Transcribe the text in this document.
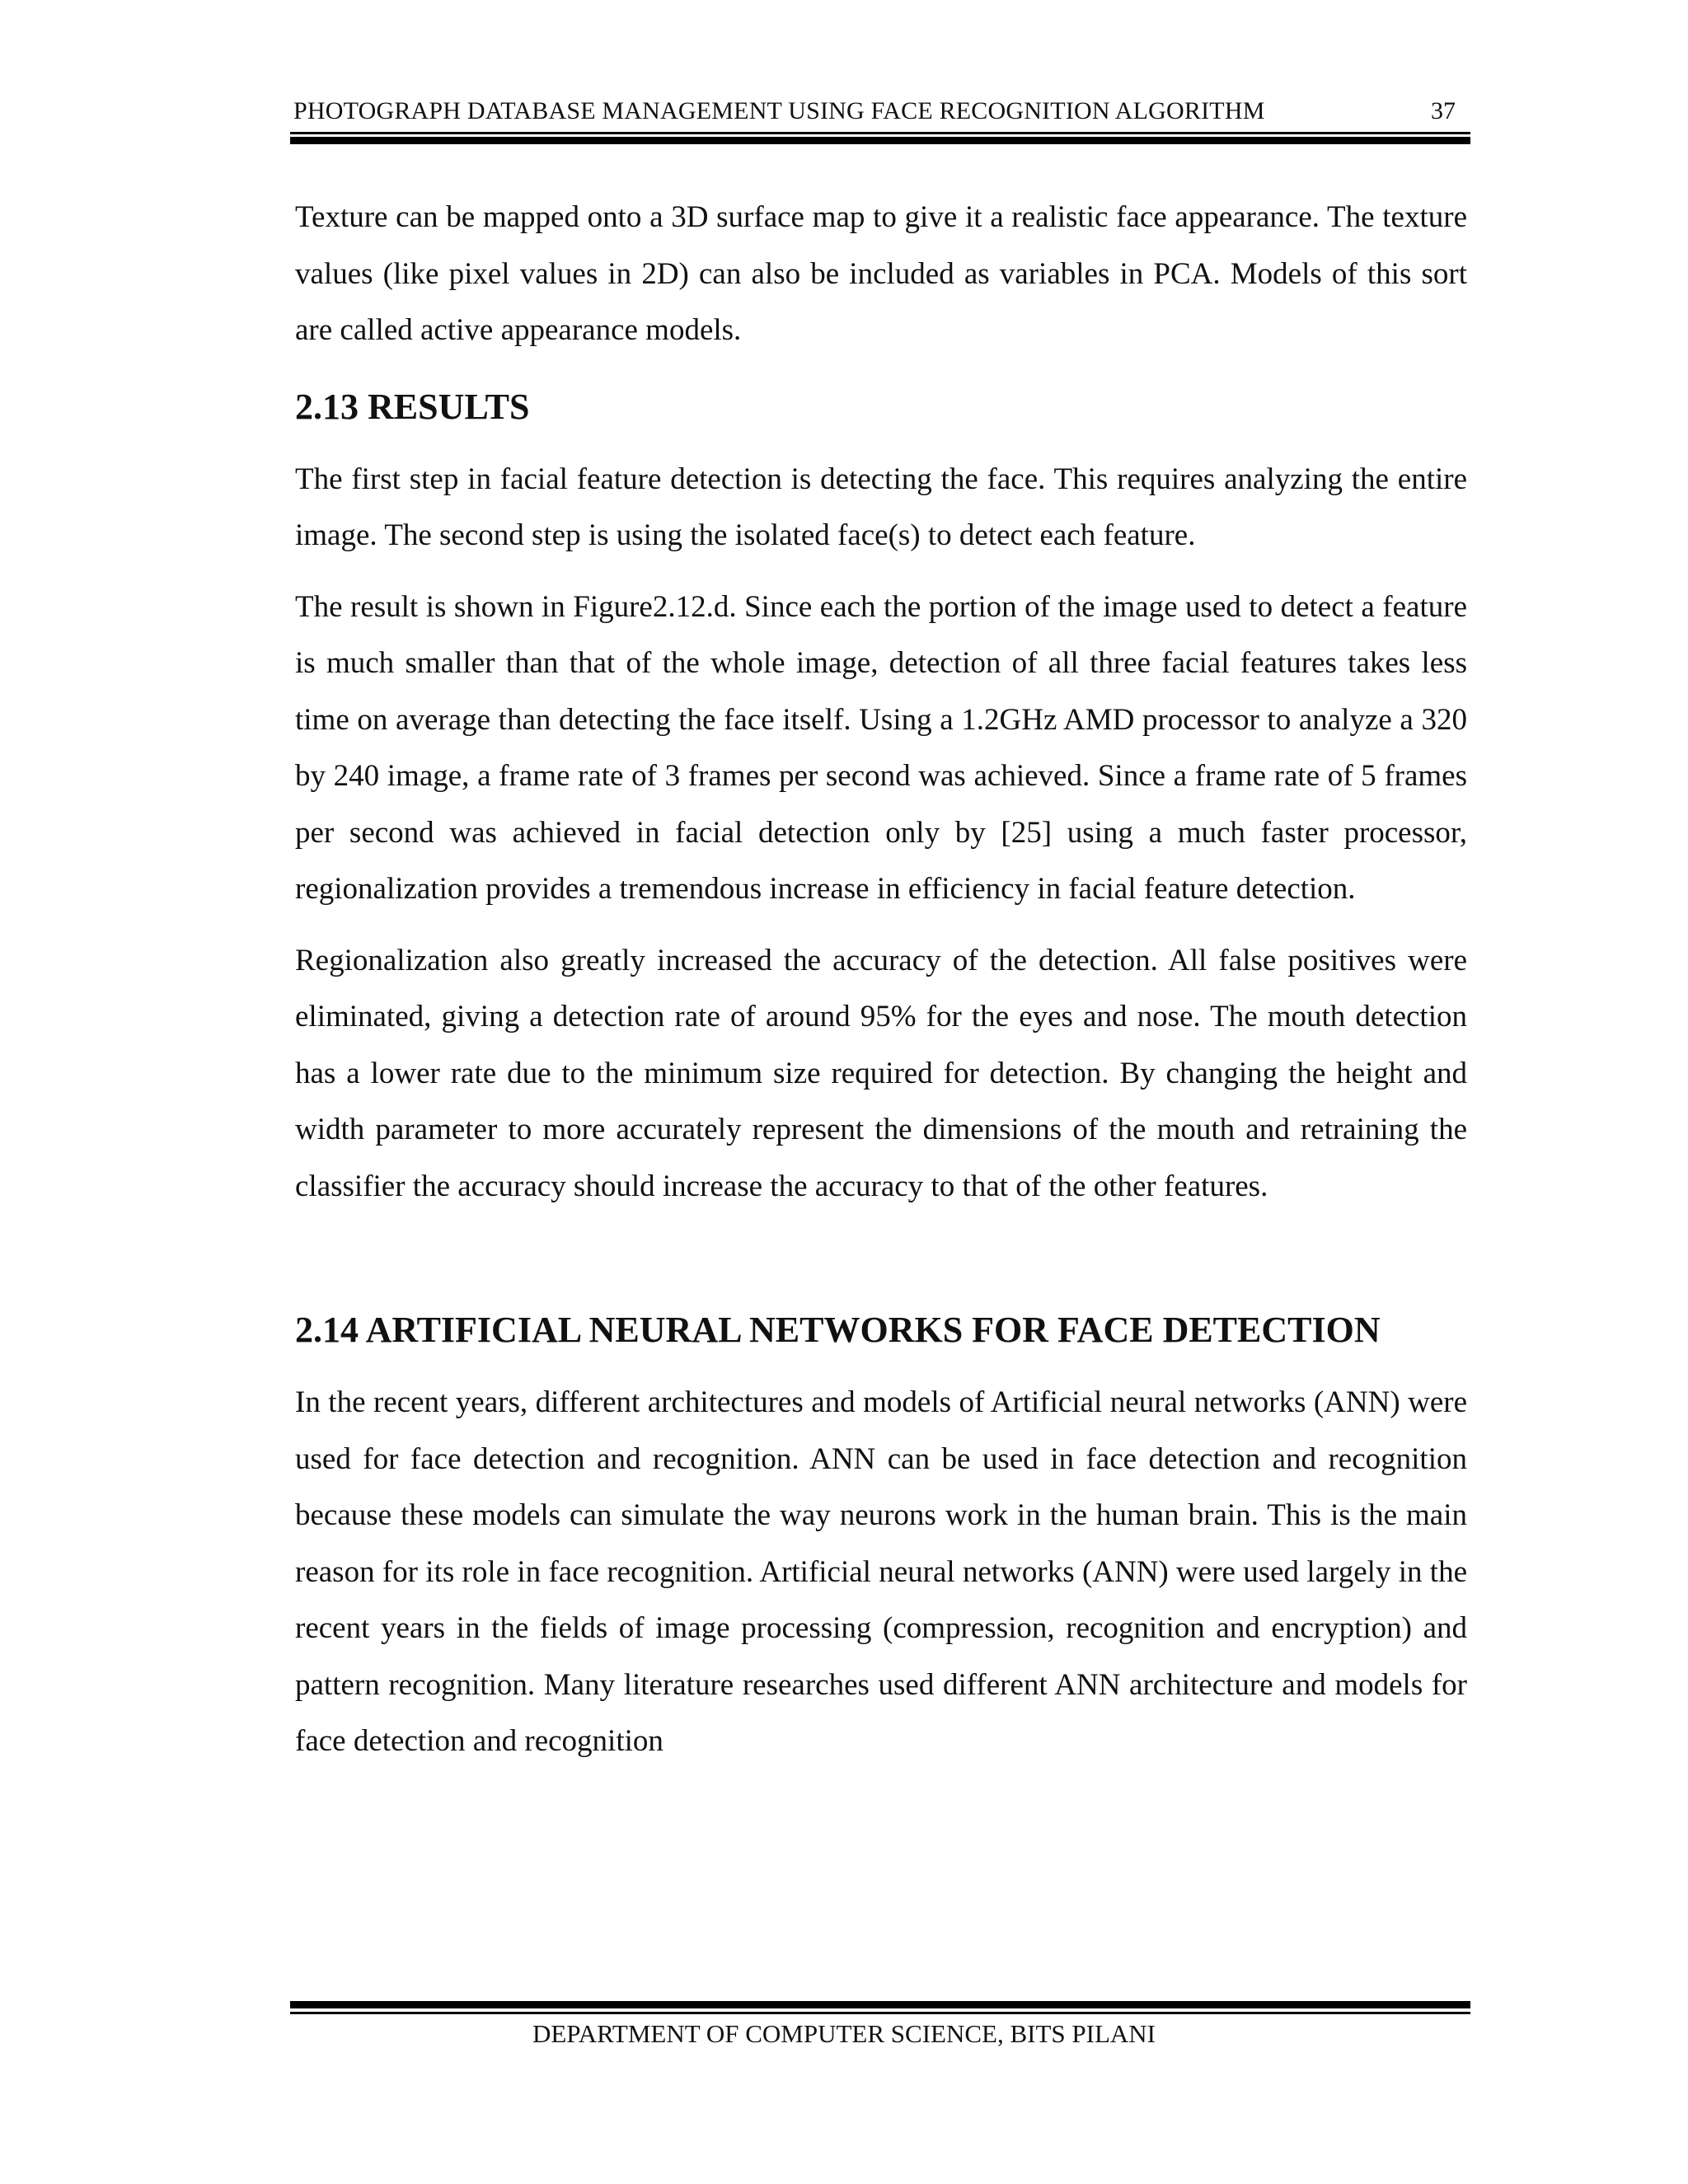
PHOTOGRAPH DATABASE MANAGEMENT USING FACE RECOGNITION ALGORITHM	37

Texture can be mapped onto a 3D surface map to give it a realistic face appearance. The texture values (like pixel values in 2D) can also be included as variables in PCA. Models of this sort are called active appearance models.

2.13 RESULTS

The first step in facial feature detection is detecting the face. This requires analyzing the entire image. The second step is using the isolated face(s) to detect each feature.

The result is shown in Figure2.12.d. Since each the portion of the image used to detect a feature is much smaller than that of the whole image, detection of all three facial features takes less time on average than detecting the face itself. Using a 1.2GHz AMD processor to analyze a 320 by 240 image, a frame rate of 3 frames per second was achieved. Since a frame rate of 5 frames per second was achieved in facial detection only by [25] using a much faster processor, regionalization provides a tremendous increase in efficiency in facial feature detection.

Regionalization also greatly increased the accuracy of the detection. All false positives were eliminated, giving a detection rate of around 95% for the eyes and nose. The mouth detection has a lower rate due to the minimum size required for detection. By changing the height and width parameter to more accurately represent the dimensions of the mouth and retraining the classifier the accuracy should increase the accuracy to that of the other features.

2.14 ARTIFICIAL NEURAL NETWORKS FOR FACE DETECTION

In the recent years, different architectures and models of Artificial neural networks (ANN) were used for face detection and recognition. ANN can be used in face detection and recognition because these models can simulate the way neurons work in the human brain. This is the main reason for its role in face recognition. Artificial neural networks (ANN) were used largely in the recent years in the fields of image processing (compression, recognition and encryption) and pattern recognition. Many literature researches used different ANN architecture and models for face detection and recognition

DEPARTMENT OF COMPUTER SCIENCE, BITS PILANI
